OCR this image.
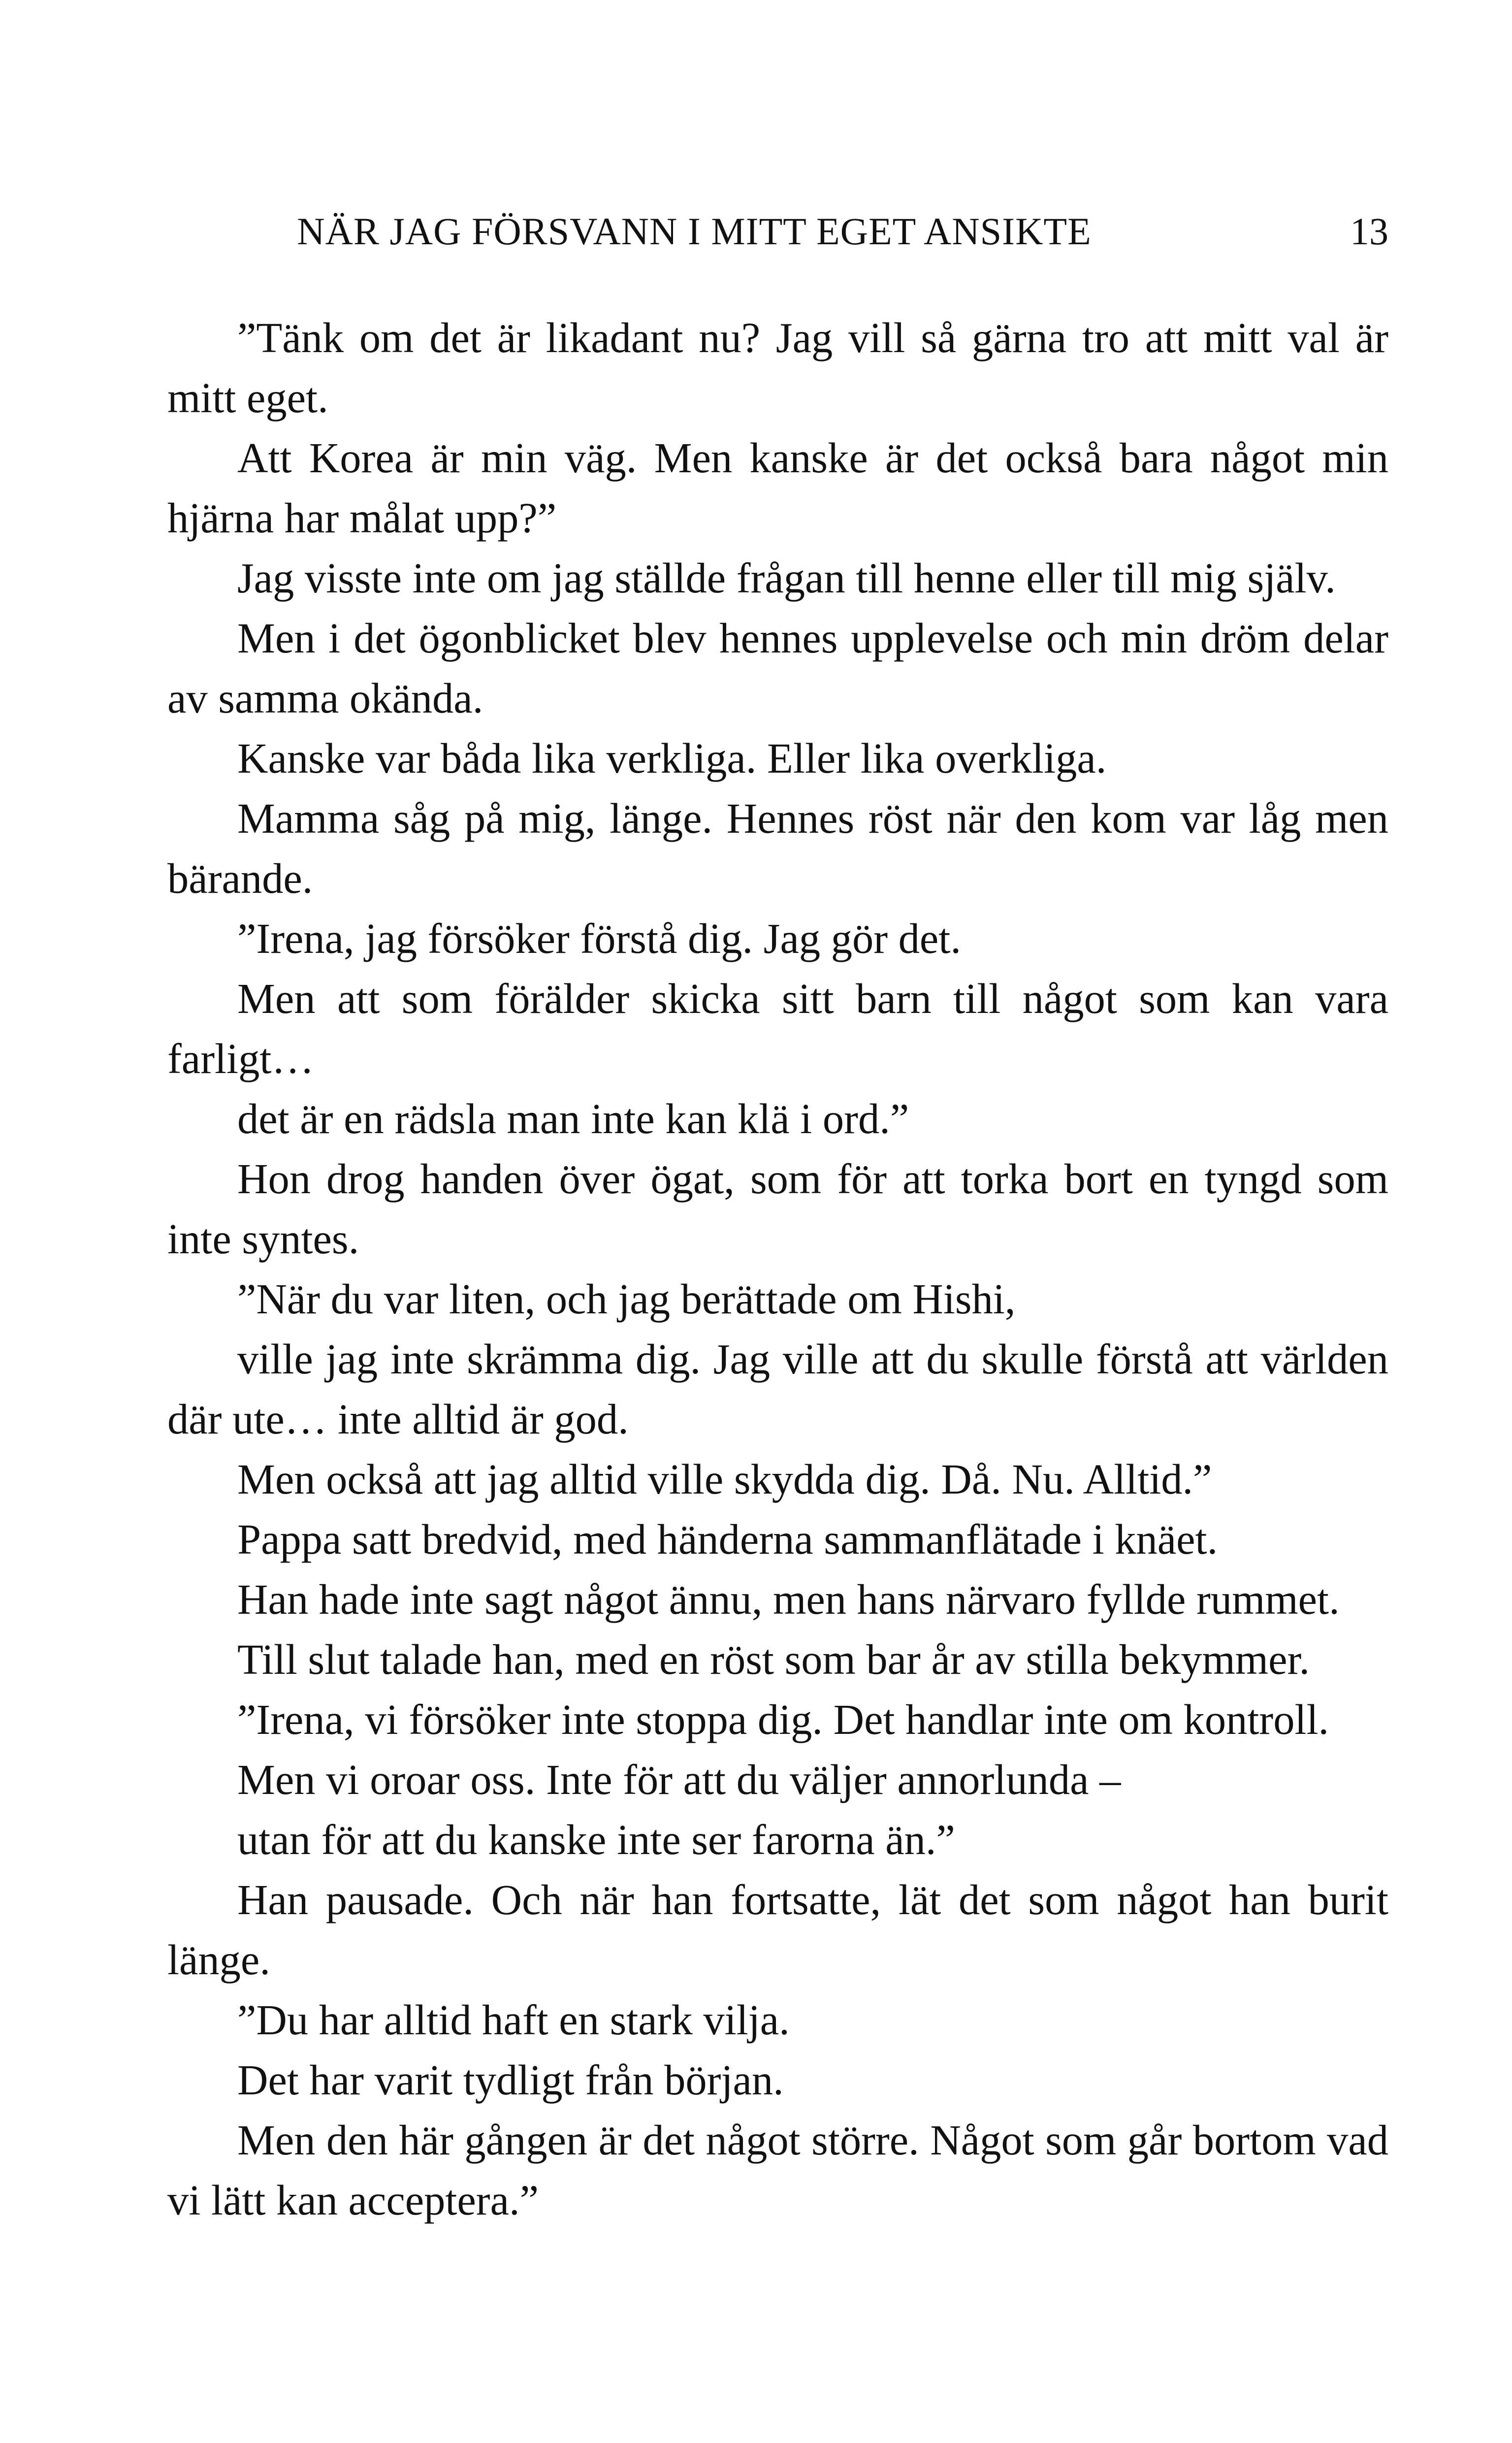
NÄR JAG FÖRSVANN I MITT EGET ANSIKTE	13

”Tänk om det är likadant nu? Jag vill så gärna tro att mitt val är mitt eget.

Att Korea är min väg. Men kanske är det också bara något min hjärna har målat upp?”

Jag visste inte om jag ställde frågan till henne eller till mig själv.

Men i det ögonblicket blev hennes upplevelse och min dröm delar av samma okända.

Kanske var båda lika verkliga. Eller lika overkliga.

Mamma såg på mig, länge. Hennes röst när den kom var låg men bärande.

”Irena, jag försöker förstå dig. Jag gör det.

Men att som förälder skicka sitt barn till något som kan vara farligt…

det är en rädsla man inte kan klä i ord.”

Hon drog handen över ögat, som för att torka bort en tyngd som inte syntes.

”När du var liten, och jag berättade om Hishi,

ville jag inte skrämma dig. Jag ville att du skulle förstå att världen där ute… inte alltid är god.

Men också att jag alltid ville skydda dig. Då. Nu. Alltid.”

Pappa satt bredvid, med händerna sammanflätade i knäet.

Han hade inte sagt något ännu, men hans närvaro fyllde rummet.

Till slut talade han, med en röst som bar år av stilla bekymmer.

”Irena, vi försöker inte stoppa dig. Det handlar inte om kontroll.

Men vi oroar oss. Inte för att du väljer annorlunda –

utan för att du kanske inte ser farorna än.”

Han pausade. Och när han fortsatte, lät det som något han burit länge.

”Du har alltid haft en stark vilja.

Det har varit tydligt från början.

Men den här gången är det något större. Något som går bortom vad vi lätt kan acceptera.”
